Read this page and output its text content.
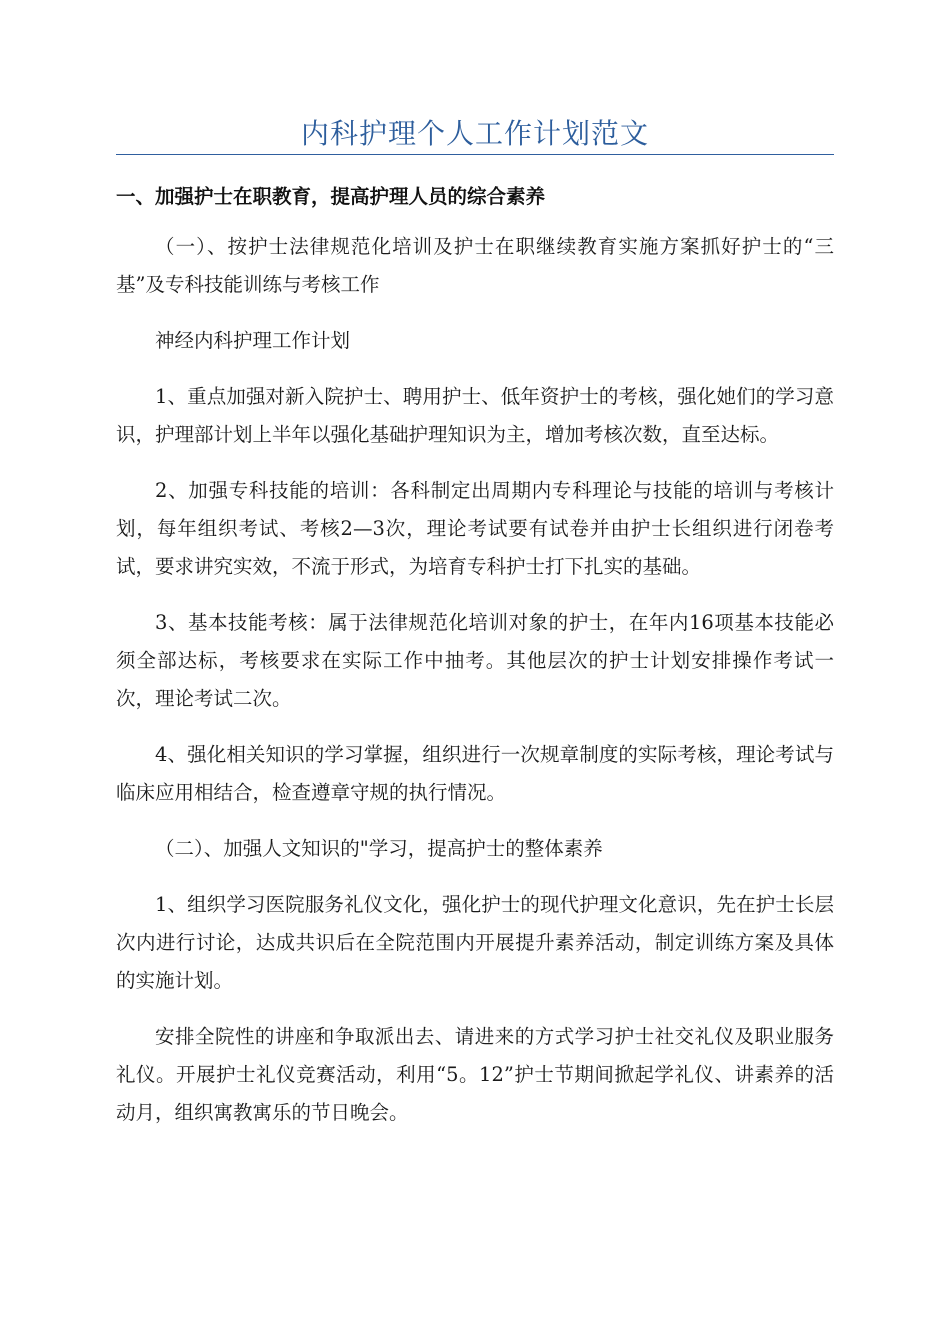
内科护理个人工作计划范文
一、加强护士在职教育，提高护理人员的综合素养

（一）、按护士法律规范化培训及护士在职继续教育实施方案抓好护士的“三基”及专科技能训练与考核工作

神经内科护理工作计划

1、重点加强对新入院护士、聘用护士、低年资护士的考核，强化她们的学习意识，护理部计划上半年以强化基础护理知识为主，增加考核次数，直至达标。

2、加强专科技能的培训：各科制定出周期内专科理论与技能的培训与考核计划，每年组织考试、考核2—3次，理论考试要有试卷并由护士长组织进行闭卷考试，要求讲究实效，不流于形式，为培育专科护士打下扎实的基础。

3、基本技能考核：属于法律规范化培训对象的护士，在年内16项基本技能必须全部达标，考核要求在实际工作中抽考。其他层次的护士计划安排操作考试一次，理论考试二次。

4、强化相关知识的学习掌握，组织进行一次规章制度的实际考核，理论考试与临床应用相结合，检查遵章守规的执行情况。

（二）、加强人文知识的"学习，提高护士的整体素养

1、组织学习医院服务礼仪文化，强化护士的现代护理文化意识，先在护士长层次内进行讨论，达成共识后在全院范围内开展提升素养活动，制定训练方案及具体的实施计划。

安排全院性的讲座和争取派出去、请进来的方式学习护士社交礼仪及职业服务礼仪。开展护士礼仪竞赛活动，利用“5。12”护士节期间掀起学礼仪、讲素养的活动月，组织寓教寓乐的节日晚会。
